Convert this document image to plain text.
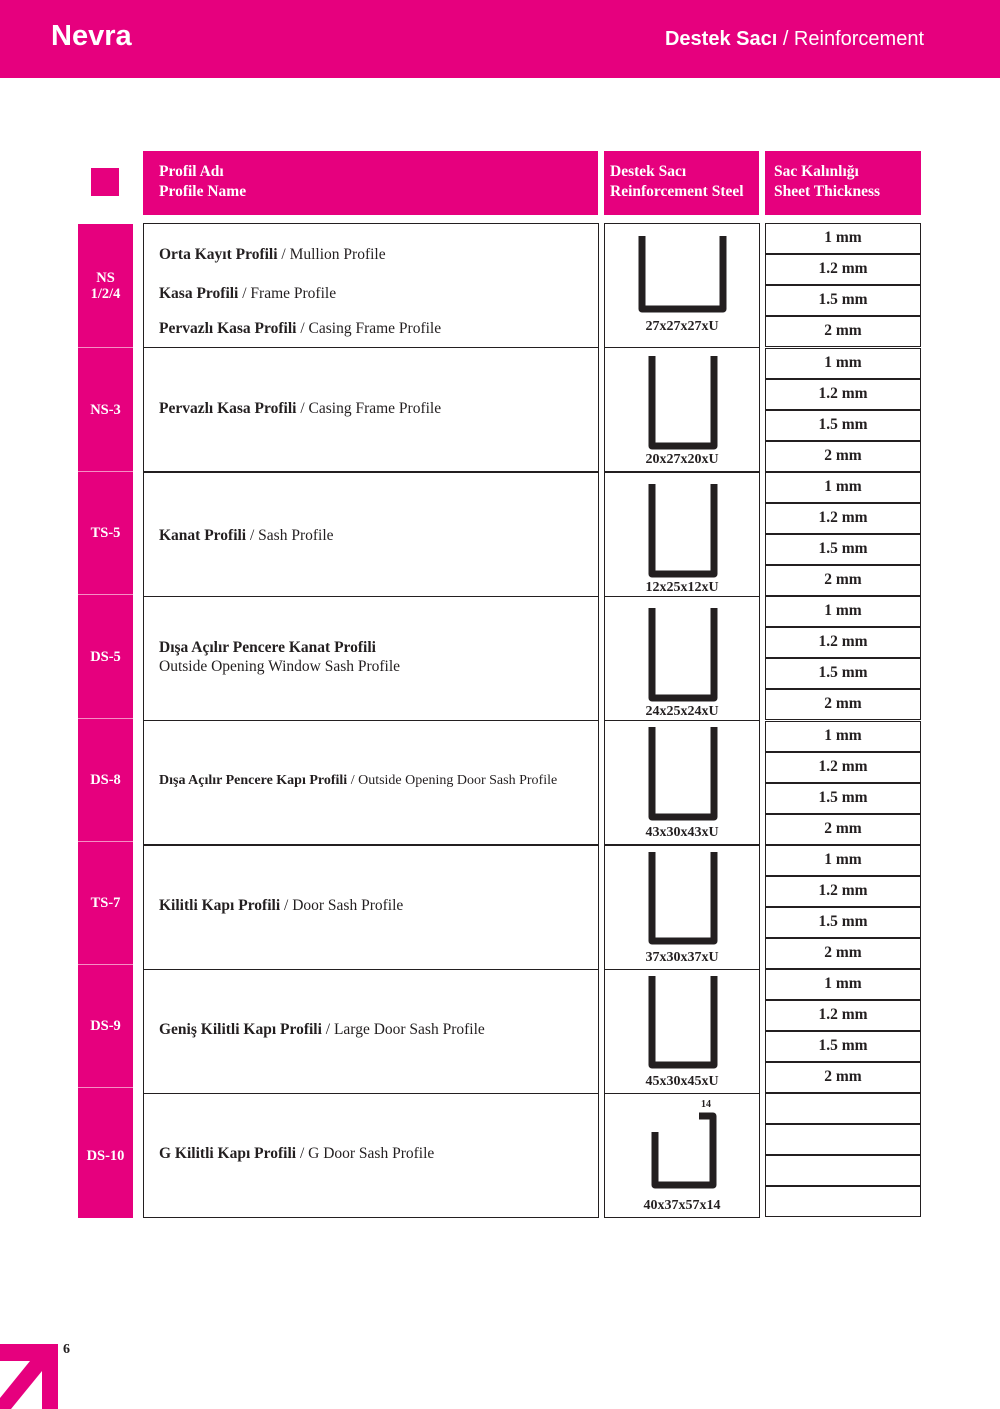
Nevra	Destek Sacı / Reinforcement
Profil Adı
Profile Name
Destek Sacı
Reinforcement Steel
Sac Kalınlığı
Sheet Thickness
NS
1/2/4
NS-3
TS-5
DS-5
DS-8
TS-7
DS-9
DS-10
Orta Kayıt Profili / Mullion Profile
Kasa Profili / Frame Profile
Pervazlı Kasa Profili / Casing Frame Profile
Pervazlı Kasa Profili / Casing Frame Profile
Kanat Profili / Sash Profile
Dışa Açılır Pencere Kanat Profili
Outside Opening Window Sash Profile
Dışa Açılır Pencere Kapı Profili / Outside Opening Door Sash Profile
Kilitli Kapı Profili / Door Sash Profile
Geniş Kilitli Kapı Profili / Large Door Sash Profile
G Kilitli Kapı Profili / G Door Sash Profile
27x27x27xU
20x27x20xU
12x25x12xU
24x25x24xU
43x30x43xU
37x30x37xU
45x30x45xU
14
40x37x57x14
1 mm
1.2 mm
1.5 mm
2 mm
1 mm
1.2 mm
1.5 mm
2 mm
1 mm
1.2 mm
1.5 mm
2 mm
1 mm
1.2 mm
1.5 mm
2 mm
1 mm
1.2 mm
1.5 mm
2 mm
1 mm
1.2 mm
1.5 mm
2 mm
1 mm
1.2 mm
1.5 mm
2 mm
6
